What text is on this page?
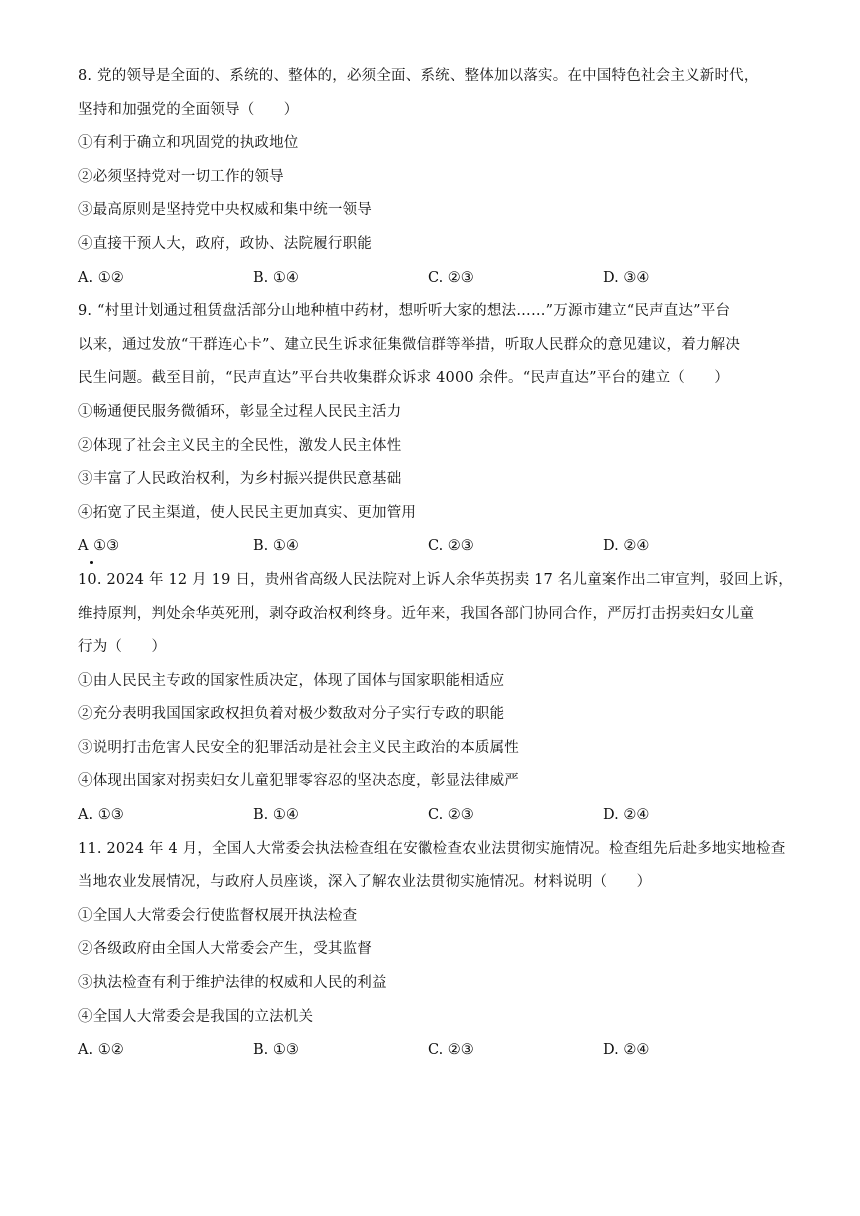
8. 党的领导是全面的、系统的、整体的，必须全面、系统、整体加以落实。在中国特色社会主义新时代，
坚持和加强党的全面领导（　　）
①有利于确立和巩固党的执政地位
②必须坚持党对一切工作的领导
③最高原则是坚持党中央权威和集中统一领导
④直接干预人大，政府，政协、法院履行职能
A. ①②	B. ①④	C. ②③	D. ③④
9. “村里计划通过租赁盘活部分山地种植中药材，想听听大家的想法……”万源市建立“民声直达”平台
以来，通过发放“干群连心卡”、建立民生诉求征集微信群等举措，听取人民群众的意见建议，着力解决
民生问题。截至目前，“民声直达”平台共收集群众诉求 4000 余件。“民声直达”平台的建立（　　）
①畅通便民服务微循环，彰显全过程人民民主活力
②体现了社会主义民主的全民性，激发人民主体性
③丰富了人民政治权利，为乡村振兴提供民意基础
④拓宽了民主渠道，使人民民主更加真实、更加管用
A ①③	B. ①④	C. ②③	D. ②④
10. 2024 年 12 月 19 日，贵州省高级人民法院对上诉人余华英拐卖 17 名儿童案作出二审宣判，驳回上诉，
维持原判，判处余华英死刑，剥夺政治权利终身。近年来，我国各部门协同合作，严厉打击拐卖妇女儿童
行为（　　）
①由人民民主专政的国家性质决定，体现了国体与国家职能相适应
②充分表明我国国家政权担负着对极少数敌对分子实行专政的职能
③说明打击危害人民安全的犯罪活动是社会主义民主政治的本质属性
④体现出国家对拐卖妇女儿童犯罪零容忍的坚决态度，彰显法律威严
A. ①③	B. ①④	C. ②③	D. ②④
11. 2024 年 4 月，全国人大常委会执法检查组在安徽检查农业法贯彻实施情况。检查组先后赴多地实地检查
当地农业发展情况，与政府人员座谈，深入了解农业法贯彻实施情况。材料说明（　　）
①全国人大常委会行使监督权展开执法检查
②各级政府由全国人大常委会产生，受其监督
③执法检查有利于维护法律的权威和人民的利益
④全国人大常委会是我国的立法机关
A. ①②	B. ①③	C. ②③	D. ②④
